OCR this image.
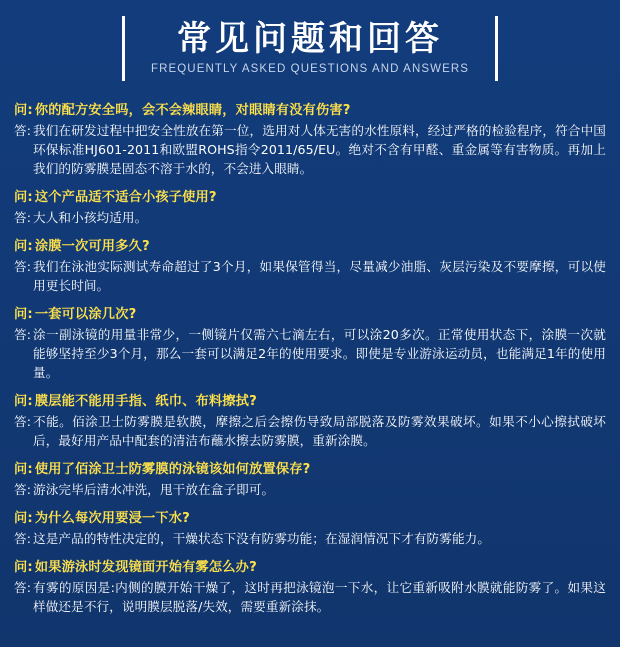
常见问题和回答
FREQUENTLY ASKED QUESTIONS AND ANSWERS
问: 你的配方安全吗，会不会辣眼睛，对眼睛有没有伤害?
答: 我们在研发过程中把安全性放在第一位，选用对人体无害的水性原料，经过严格的检验程序，符合中国环保标准HJ601-2011和欧盟ROHS指令2011/65/EU。绝对不含有甲醛、重金属等有害物质。再加上我们的防雾膜是固态不溶于水的，不会进入眼睛。
问: 这个产品适不适合小孩子使用?
答: 大人和小孩均适用。
问: 涂膜一次可用多久?
答: 我们在泳池实际测试寿命超过了3个月，如果保管得当，尽量减少油脂、灰层污染及不要摩擦，可以使用更长时间。
问: 一套可以涂几次?
答: 涂一副泳镜的用量非常少，一侧镜片仅需六七滴左右，可以涂20多次。正常使用状态下，涂膜一次就能够坚持至少3个月，那么一套可以满足2年的使用要求。即使是专业游泳运动员，也能满足1年的使用量。
问: 膜层能不能用手指、纸巾、布料擦拭?
答: 不能。佰涂卫士防雾膜是软膜，摩擦之后会擦伤导致局部脱落及防雾效果破坏。如果不小心擦拭破坏后，最好用产品中配套的清洁布蘸水擦去防雾膜，重新涂膜。
问: 使用了佰涂卫士防雾膜的泳镜该如何放置保存?
答: 游泳完毕后清水冲洗，甩干放在盒子即可。
问: 为什么每次用要浸一下水?
答: 这是产品的特性决定的，干燥状态下没有防雾功能；在湿润情况下才有防雾能力。
问: 如果游泳时发现镜面开始有雾怎么办?
答: 有雾的原因是:内侧的膜开始干燥了，这时再把泳镜泡一下水，让它重新吸附水膜就能防雾了。如果这样做还是不行，说明膜层脱落/失效，需要重新涂抹。
